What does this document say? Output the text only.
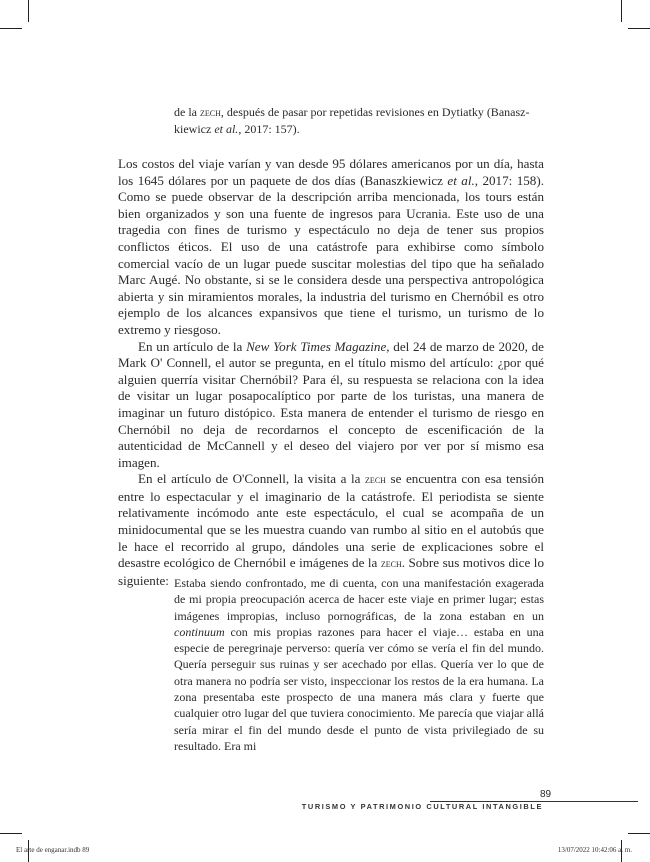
de la zech, después de pasar por repetidas revisiones en Dytiatky (Banasz-
kiewicz et al., 2017: 157).

Los costos del viaje varían y van desde 95 dólares americanos por un día, hasta los 1645 dólares por un paquete de dos días (Banaszkiewicz et al., 2017: 158). Como se puede observar de la descripción arriba mencionada, los tours están bien organizados y son una fuente de ingresos para Ucrania. Este uso de una tragedia con fines de turismo y espectáculo no deja de tener sus propios conflictos éticos. El uso de una catástrofe para exhibirse como símbolo comercial vacío de un lugar puede suscitar molestias del tipo que ha señalado Marc Augé. No obstante, si se le considera desde una perspectiva antropológica abierta y sin miramientos morales, la industria del turismo en Chernóbil es otro ejemplo de los alcances expansivos que tiene el turismo, un turismo de lo extremo y riesgoso.

En un artículo de la New York Times Magazine, del 24 de marzo de 2020, de Mark O' Connell, el autor se pregunta, en el título mismo del artículo: ¿por qué alguien querría visitar Chernóbil? Para él, su respuesta se relaciona con la idea de visitar un lugar posapocalíptico por parte de los turistas, una manera de imaginar un futuro distópico. Esta manera de entender el turismo de riesgo en Chernóbil no deja de recordarnos el concepto de escenificación de la autenticidad de McCannell y el deseo del viajero por ver por sí mismo esa imagen.

En el artículo de O'Connell, la visita a la zech se encuentra con esa tensión entre lo espectacular y el imaginario de la catástrofe. El periodista se siente relativamente incómodo ante este espectáculo, el cual se acompaña de un minidocumental que se les muestra cuando van rumbo al sitio en el autobús que le hace el recorrido al grupo, dándoles una serie de explicaciones sobre el desastre ecológico de Chernóbil e imágenes de la zech. Sobre sus motivos dice lo siguiente: Estaba siendo confrontado, me di cuenta, con una manifestación exagerada de mi propia preocupación acerca de hacer este viaje en primer lugar; estas imágenes impropias, incluso pornográficas, de la zona estaban en un continuum con mis propias razones para hacer el viaje… estaba en una especie de peregrinaje perverso: quería ver cómo se vería el fin del mundo. Quería perseguir sus ruinas y ser acechado por ellas. Quería ver lo que de otra manera no podría ser visto, inspeccionar los restos de la era humana. La zona presentaba este prospecto de una manera más clara y fuerte que cualquier otro lugar del que tuviera conocimiento. Me parecía que viajar allá sería mirar el fin del mundo desde el punto de vista privilegiado de su resultado. Era mi

89
TURISMO Y PATRIMONIO CULTURAL INTANGIBLE
El arte de enganar.indb 89	13/07/2022 10:42:06 a. m.
